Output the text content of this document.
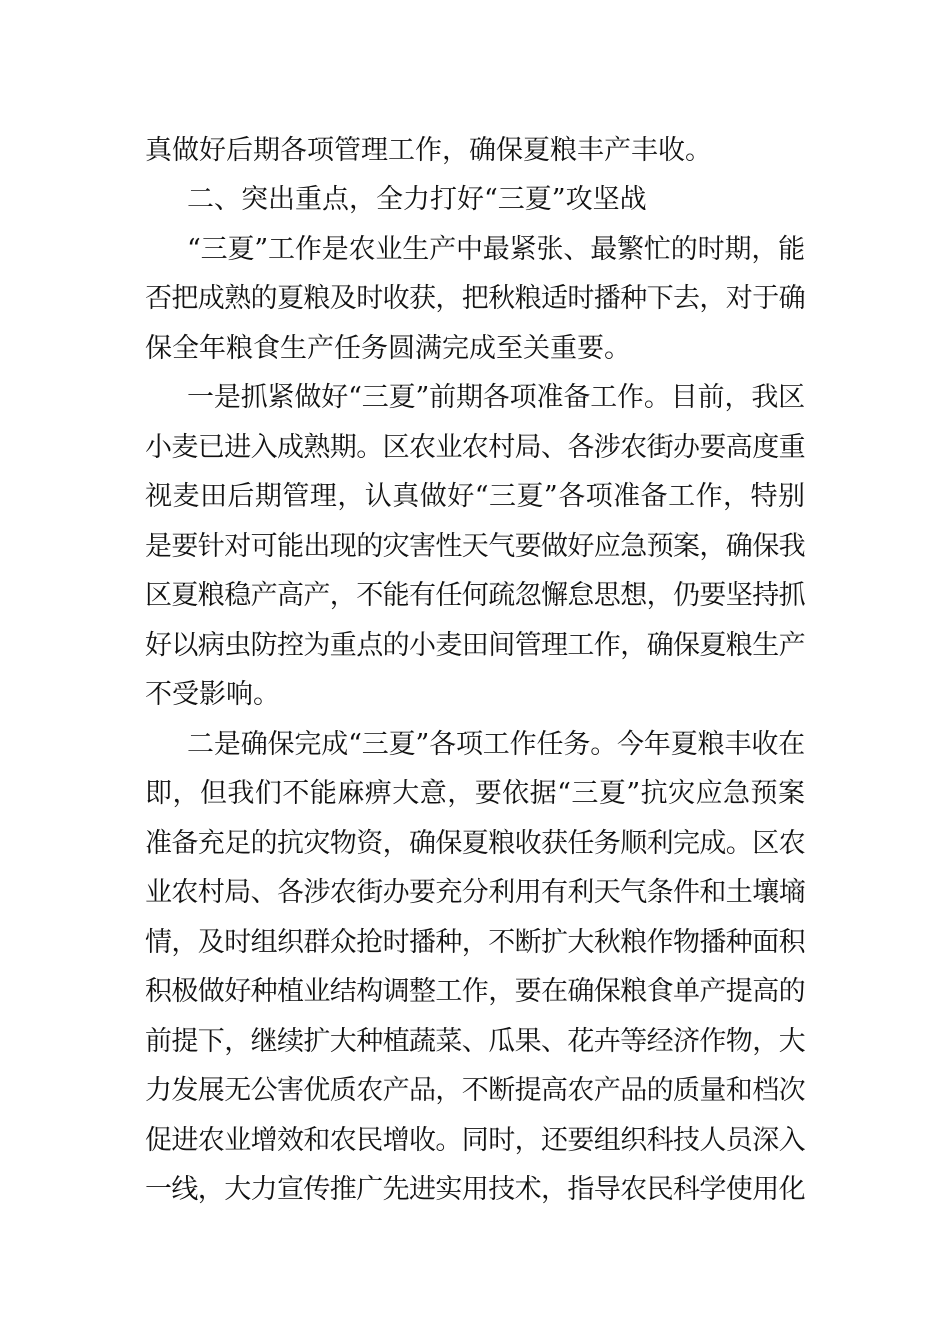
真做好后期各项管理工作，确保夏粮丰产丰收。
二、突出重点，全力打好“三夏”攻坚战
“三夏”工作是农业生产中最紧张、最繁忙的时期，能
否把成熟的夏粮及时收获，把秋粮适时播种下去，对于确
保全年粮食生产任务圆满完成至关重要。
一是抓紧做好“三夏”前期各项准备工作。目前，我区
小麦已进入成熟期。区农业农村局、各涉农街办要高度重
视麦田后期管理，认真做好“三夏”各项准备工作，特别
是要针对可能出现的灾害性天气要做好应急预案，确保我
区夏粮稳产高产，不能有任何疏忽懈怠思想，仍要坚持抓
好以病虫防控为重点的小麦田间管理工作，确保夏粮生产
不受影响。
二是确保完成“三夏”各项工作任务。今年夏粮丰收在
即，但我们不能麻痹大意，要依据“三夏”抗灾应急预案
准备充足的抗灾物资，确保夏粮收获任务顺利完成。区农
业农村局、各涉农街办要充分利用有利天气条件和土壤墒
情，及时组织群众抢时播种，不断扩大秋粮作物播种面积
积极做好种植业结构调整工作，要在确保粮食单产提高的
前提下，继续扩大种植蔬菜、瓜果、花卉等经济作物，大
力发展无公害优质农产品，不断提高农产品的质量和档次
促进农业增效和农民增收。同时，还要组织科技人员深入
一线，大力宣传推广先进实用技术，指导农民科学使用化
